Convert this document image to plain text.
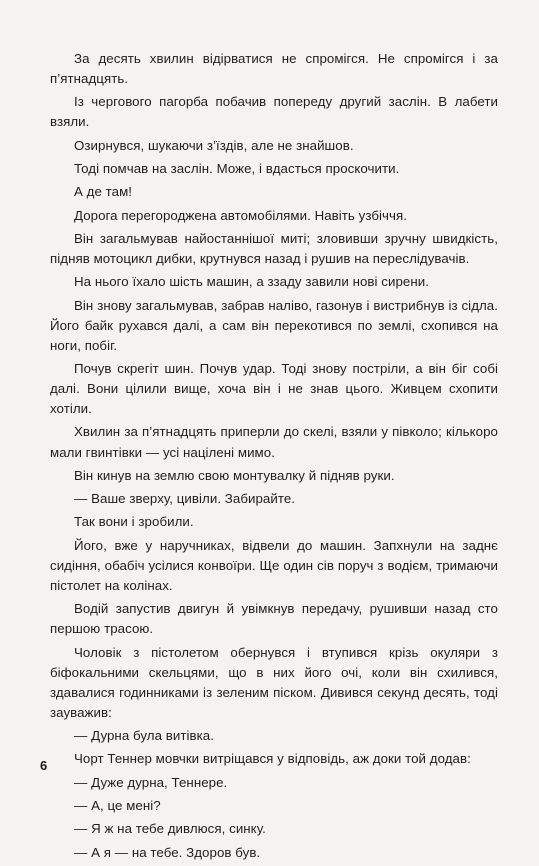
За десять хвилин відірватися не спромігся. Не спромігся і за п’ятнадцять.

Із чергового пагорба побачив попереду другий заслін. В лабети взяли.

Озирнувся, шукаючи з’їздів, але не знайшов.

Тоді помчав на заслін. Може, і вдасться проскочити.

А де там!

Дорога перегороджена автомобілями. Навіть узбіччя.

Він загальмував найостаннішої миті; зловивши зручну швидкість, підняв мотоцикл дибки, крутнувся назад і рушив на переслідувачів.

На нього їхало шість машин, а ззаду завили нові сирени.

Він знову загальмував, забрав наліво, газонув і вистрибнув із сідла. Його байк рухався далі, а сам він перекотився по землі, схопився на ноги, побіг.

Почув скрегіт шин. Почув удар. Тоді знову постріли, а він біг собі далі. Вони цілили вище, хоча він і не знав цього. Живцем схопити хотіли.

Хвилин за п’ятнадцять приперли до скелі, взяли у півколо; кількоро мали гвинтівки — усі націлені мимо.

Він кинув на землю свою монтувалку й підняв руки.

— Ваше зверху, цивіли. Забирайте.

Так вони і зробили.

Його, вже у наручниках, відвели до машин. Запхнули на заднє сидіння, обабіч усілися конвоїри. Ще один сів поруч з водієм, тримаючи пістолет на колінах.

Водій запустив двигун й увімкнув передачу, рушивши назад сто першою трасою.

Чоловік з пістолетом обернувся і втупився крізь окуляри з біфокальними скельцями, що в них його очі, коли він схилився, здавалися годинниками із зеленим піском. Дивився секунд десять, тоді зауважив:

— Дурна була витівка.

Чорт Теннер мовчки витріщався у відповідь, аж доки той додав:

— Дуже дурна, Теннере.

— А, це мені?

— Я ж на тебе дивлюся, синку.

— А я — на тебе. Здоров був.

6
